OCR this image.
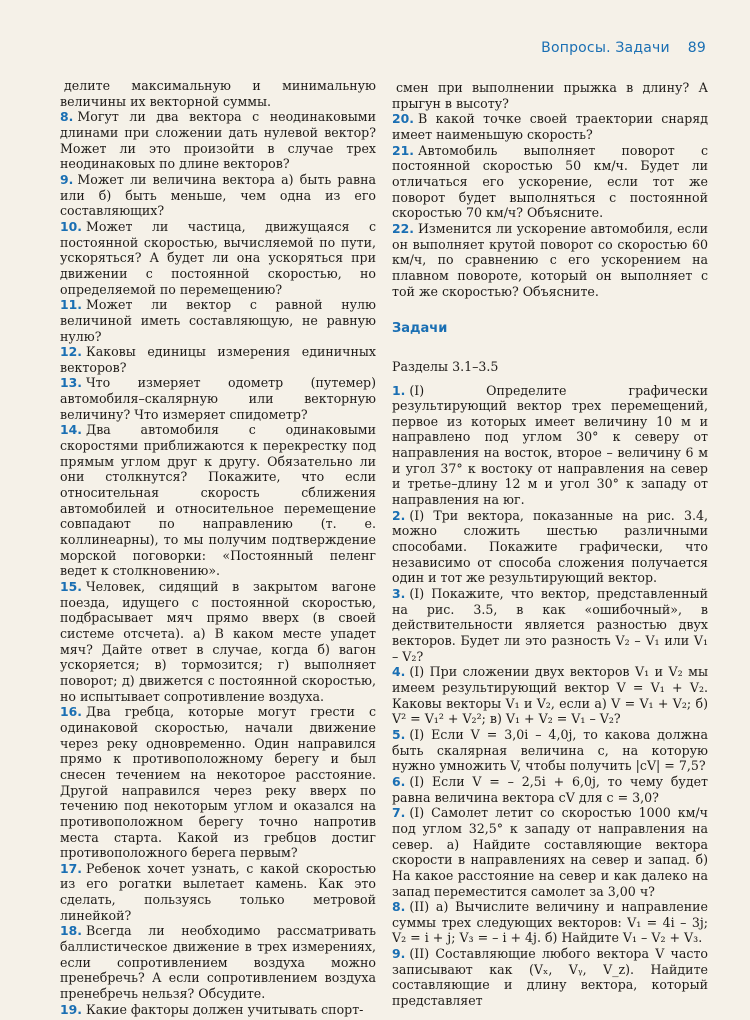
Вопросы. Задачи 89

делите максимальную и минимальную величины их векторной суммы.

8. Могут ли два вектора с неодинаковыми длинами при сложении дать нулевой вектор? Может ли это произойти в случае трех неодинаковых по длине векторов?

9. Может ли величина вектора а) быть равна или б) быть меньше, чем одна из его составляющих?

10. Может ли частица, движущаяся с постоянной скоростью, вычисляемой по пути, ускоряться? А будет ли она ускоряться при движении с постоянной скоростью, но определяемой по перемещению?

11. Может ли вектор с равной нулю величиной иметь составляющую, не равную нулю?

12. Каковы единицы измерения единичных векторов?

13. Что измеряет одометр (путемер) автомобиля–скалярную или векторную величину? Что измеряет спидометр?

14. Два автомобиля с одинаковыми скоростями приближаются к перекрестку под прямым углом друг к другу. Обязательно ли они столкнутся? Покажите, что если относительная скорость сближения автомобилей и относительное перемещение совпадают по направлению (т. е. коллинеарны), то мы получим подтверждение морской поговорки: «Постоянный пеленг ведет к столкновению».

15. Человек, сидящий в закрытом вагоне поезда, идущего с постоянной скоростью, подбрасывает мяч прямо вверх (в своей системе отсчета). а) В каком месте упадет мяч? Дайте ответ в случае, когда б) вагон ускоряется; в) тормозится; г) выполняет поворот; д) движется с постоянной скоростью, но испытывает сопротивление воздуха.

16. Два гребца, которые могут грести с одинаковой скоростью, начали движение через реку одновременно. Один направился прямо к противоположному берегу и был снесен течением на некоторое расстояние. Другой направился через реку вверх по течению под некоторым углом и оказался на противоположном берегу точно напротив места старта. Какой из гребцов достиг противоположного берега первым?

17. Ребенок хочет узнать, с какой скоростью из его рогатки вылетает камень. Как это сделать, пользуясь только метровой линейкой?

18. Всегда ли необходимо рассматривать баллистическое движение в трех измерениях, если сопротивлением воздуха можно пренебречь? А если сопротивлением воздуха пренебречь нельзя? Обсудите.

19. Какие факторы должен учитывать спорт-

смен при выполнении прыжка в длину? А прыгун в высоту?

20. В какой точке своей траектории снаряд имеет наименьшую скорость?

21. Автомобиль выполняет поворот с постоянной скоростью 50 км/ч. Будет ли отличаться его ускорение, если тот же поворот будет выполняться с постоянной скоростью 70 км/ч? Объясните.

22. Изменится ли ускорение автомобиля, если он выполняет крутой поворот со скоростью 60 км/ч, по сравнению с его ускорением на плавном повороте, который он выполняет с той же скоростью? Объясните.

Задачи
Разделы 3.1–3.5

1. (I) Определите графически результирующий вектор трех перемещений, первое из которых имеет величину 10 м и направлено под углом 30° к северу от направления на восток, второе – величину 6 м и угол 37° к востоку от направления на север и третье–длину 12 м и угол 30° к западу от направления на юг.

2. (I) Три вектора, показанные на рис. 3.4, можно сложить шестью различными способами. Покажите графически, что независимо от способа сложения получается один и тот же результирующий вектор.

3. (I) Покажите, что вектор, представленный на рис. 3.5, в как «ошибочный», в действительности является разностью двух векторов. Будет ли это разность V₂ – V₁ или V₁ – V₂?

4. (I) При сложении двух векторов V₁ и V₂ мы имеем результирующий вектор V = V₁ + V₂. Каковы векторы V₁ и V₂, если а) V = V₁ + V₂; б) V² = V₁² + V₂²; в) V₁ + V₂ = V₁ – V₂?

5. (I) Если V = 3,0i – 4,0j, то какова должна быть скалярная величина c, на которую нужно умножить V, чтобы получить |cV| = 7,5?

6. (I) Если V = – 2,5i + 6,0j, то чему будет равна величина вектора cV для c = 3,0?

7. (I) Самолет летит со скоростью 1000 км/ч под углом 32,5° к западу от направления на север. а) Найдите составляющие вектора скорости в направлениях на север и запад. б) На какое расстояние на север и как далеко на запад переместится самолет за 3,00 ч?

8. (II) а) Вычислите величину и направление суммы трех следующих векторов: V₁ = 4i – 3j; V₂ = i + j; V₃ = – i + 4j. б) Найдите V₁ – V₂ + V₃.

9. (II) Составляющие любого вектора V часто записывают как (Vₓ, Vᵧ, V_z). Найдите составляющие и длину вектора, который представляет
